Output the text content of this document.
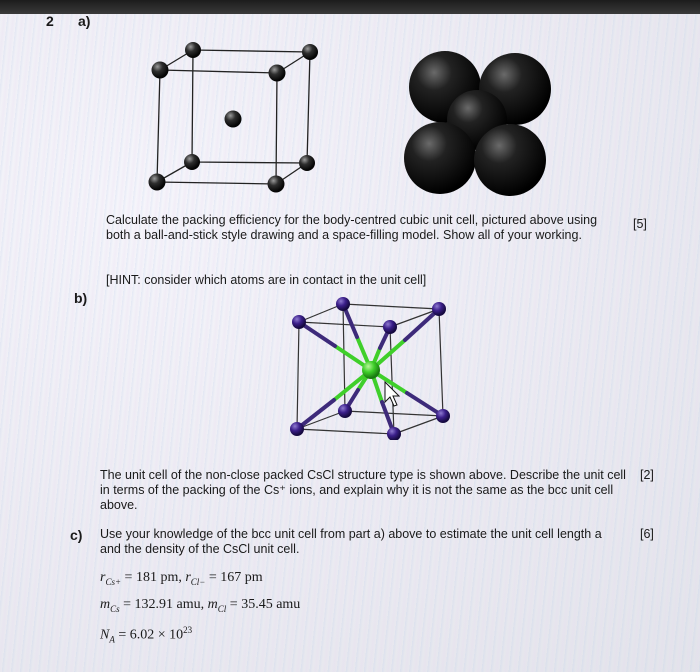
2 a)
Calculate the packing efficiency for the body-centred cubic unit cell, pictured above using both a ball-and-stick style drawing and a space-filling model. Show all of your working.
[5]
[HINT: consider which atoms are in contact in the unit cell]
b)
The unit cell of the non-close packed CsCl structure type is shown above. Describe the unit cell in terms of the packing of the Cs⁺ ions, and explain why it is not the same as the bcc unit cell above.
[2]
c) Use your knowledge of the bcc unit cell from part a) above to estimate the unit cell length a and the density of the CsCl unit cell.
[6]
$r_{Cs+} = 181$ pm, $r_{Cl-} = 167$ pm
$m_{Cs} = 132.91$ amu, $m_{Cl} = 35.45$ amu
$N_A = 6.02 \times 10^{23}$
